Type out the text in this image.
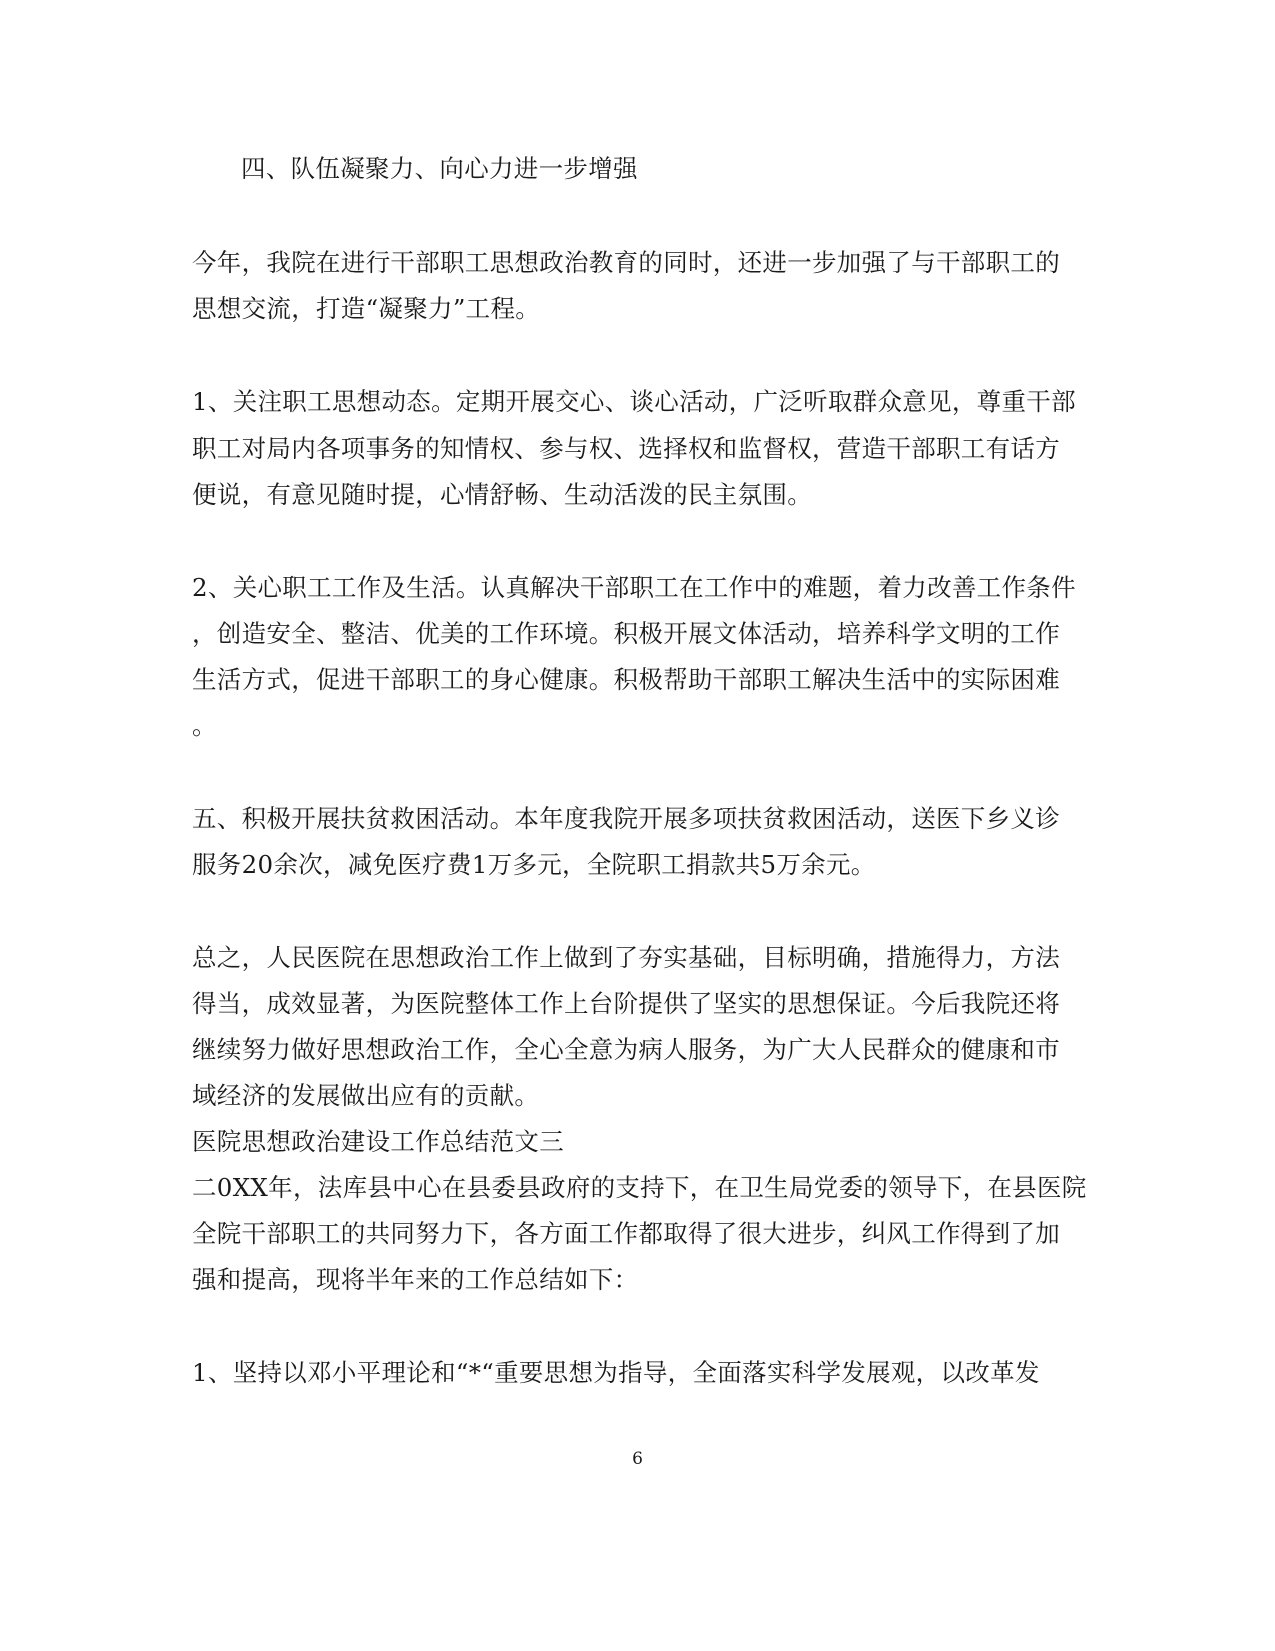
四、队伍凝聚力、向心力进一步增强
今年，我院在进行干部职工思想政治教育的同时，还进一步加强了与干部职工的
思想交流，打造“凝聚力”工程。
1、关注职工思想动态。定期开展交心、谈心活动，广泛听取群众意见，尊重干部
职工对局内各项事务的知情权、参与权、选择权和监督权，营造干部职工有话方
便说，有意见随时提，心情舒畅、生动活泼的民主氛围。
2、关心职工工作及生活。认真解决干部职工在工作中的难题，着力改善工作条件
，创造安全、整洁、优美的工作环境。积极开展文体活动，培养科学文明的工作
生活方式，促进干部职工的身心健康。积极帮助干部职工解决生活中的实际困难
。
五、积极开展扶贫救困活动。本年度我院开展多项扶贫救困活动，送医下乡义诊
服务20余次，减免医疗费1万多元，全院职工捐款共5万余元。
总之，人民医院在思想政治工作上做到了夯实基础，目标明确，措施得力，方法
得当，成效显著，为医院整体工作上台阶提供了坚实的思想保证。今后我院还将
继续努力做好思想政治工作，全心全意为病人服务，为广大人民群众的健康和市
域经济的发展做出应有的贡献。
医院思想政治建设工作总结范文三
二0XX年，法库县中心在县委县政府的支持下，在卫生局党委的领导下，在县医院
全院干部职工的共同努力下，各方面工作都取得了很大进步，纠风工作得到了加
强和提高，现将半年来的工作总结如下：
1、坚持以邓小平理论和“*“重要思想为指导，全面落实科学发展观，以改革发
6
